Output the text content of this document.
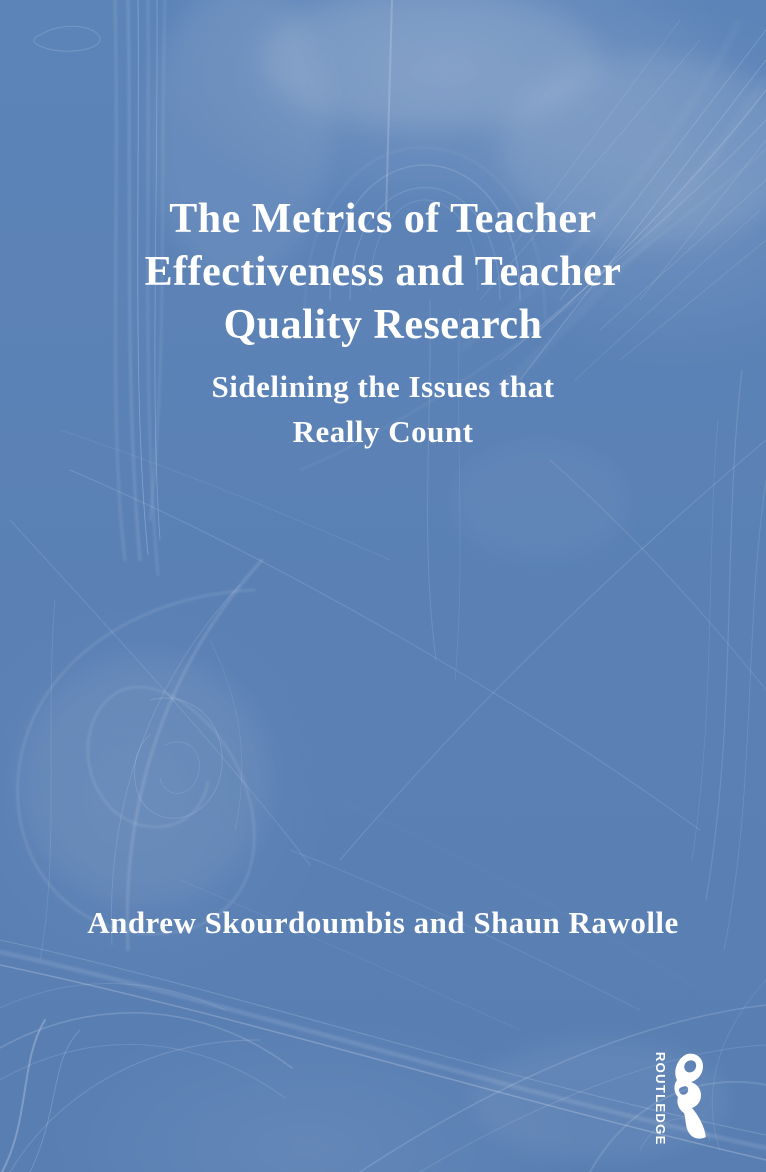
The Metrics of Teacher
Effectiveness and Teacher
Quality Research
Sidelining the Issues that
Really Count
Andrew Skourdoumbis and Shaun Rawolle
ROUTLEDGE
